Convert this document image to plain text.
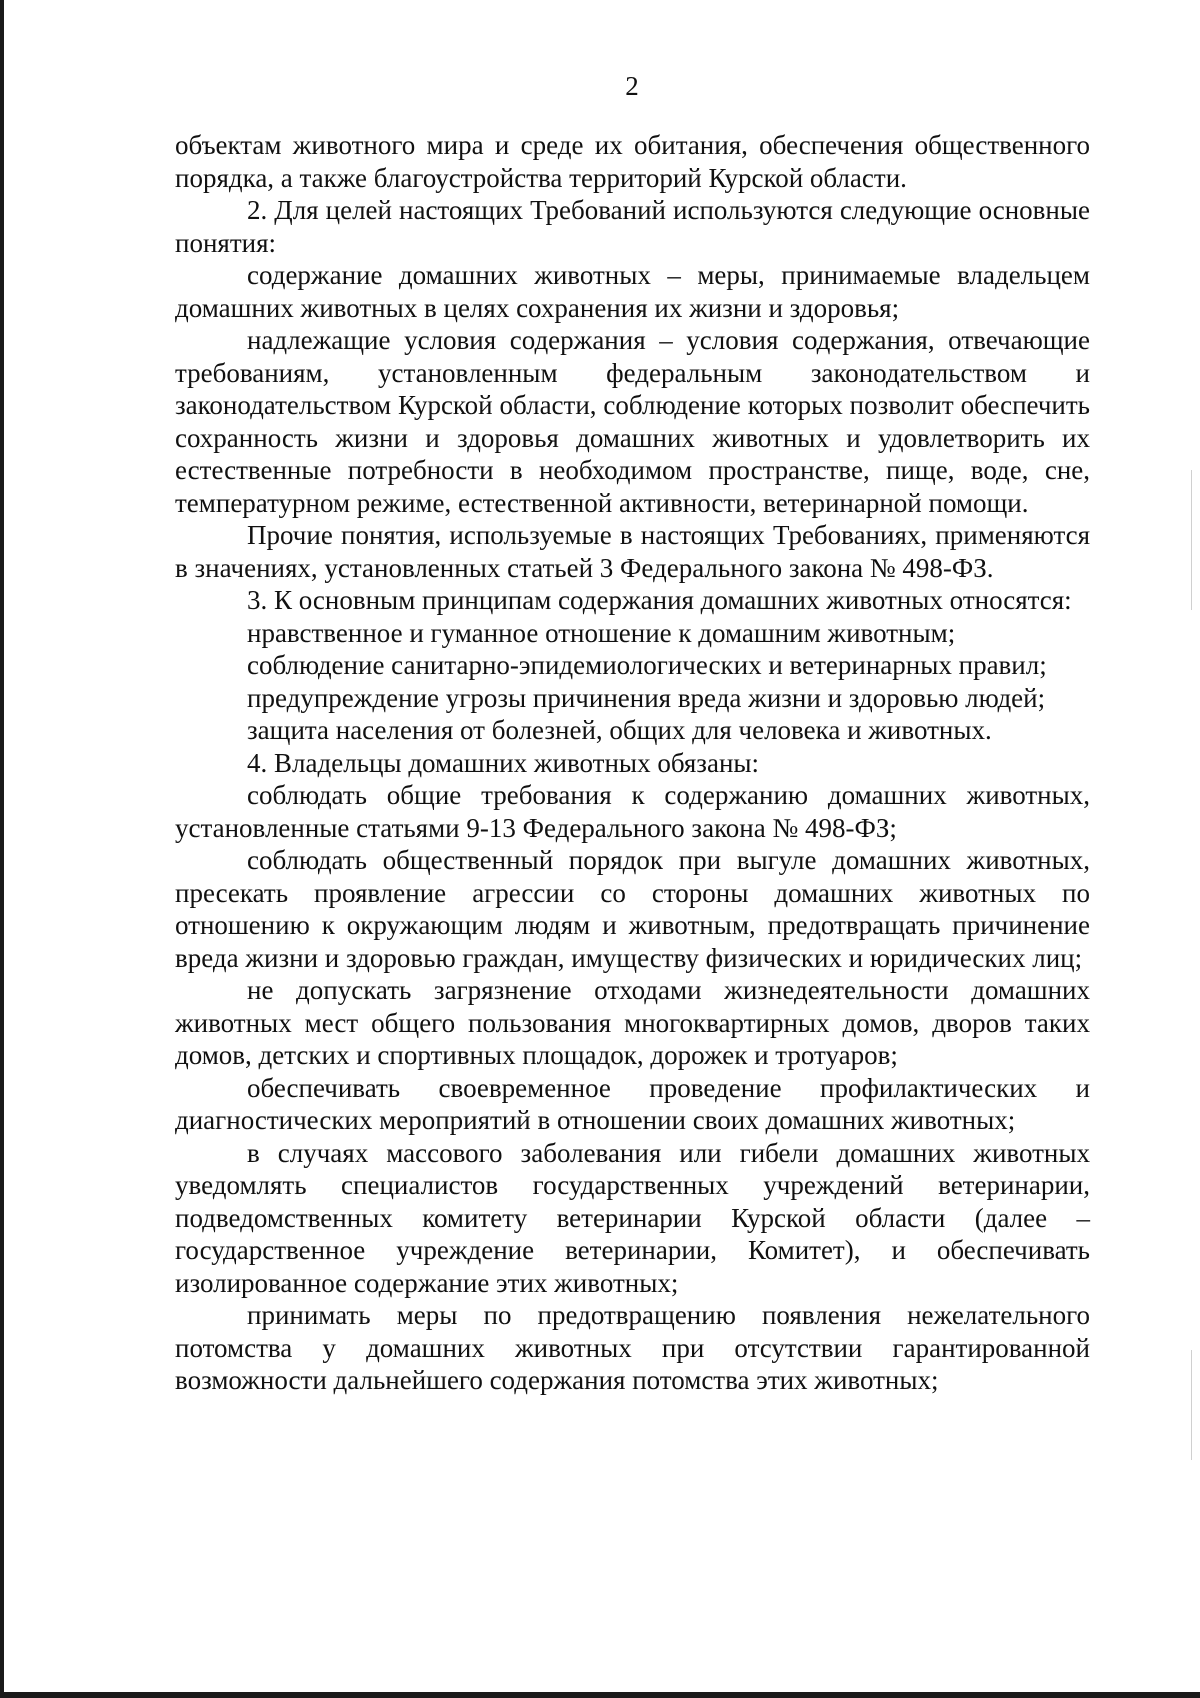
2

объектам животного мира и среде их обитания, обеспечения общественного порядка, а также благоустройства территорий Курской области.

2. Для целей настоящих Требований используются следующие основные понятия:

содержание домашних животных – меры, принимаемые владельцем домашних животных в целях сохранения их жизни и здоровья;

надлежащие условия содержания – условия содержания, отвечающие требованиям, установленным федеральным законодательством и законодательством Курской области, соблюдение которых позволит обеспечить сохранность жизни и здоровья домашних животных и удовлетворить их естественные потребности в необходимом пространстве, пище, воде, сне, температурном режиме, естественной активности, ветеринарной помощи.

Прочие понятия, используемые в настоящих Требованиях, применяются в значениях, установленных статьей 3 Федерального закона № 498-ФЗ.

3. К основным принципам содержания домашних животных относятся:

нравственное и гуманное отношение к домашним животным;

соблюдение санитарно-эпидемиологических и ветеринарных правил;

предупреждение угрозы причинения вреда жизни и здоровью людей;

защита населения от болезней, общих для человека и животных.

4. Владельцы домашних животных обязаны:

соблюдать общие требования к содержанию домашних животных, установленные статьями 9-13 Федерального закона № 498-ФЗ;

соблюдать общественный порядок при выгуле домашних животных, пресекать проявление агрессии со стороны домашних животных по отношению к окружающим людям и животным, предотвращать причинение вреда жизни и здоровью граждан, имуществу физических и юридических лиц;

не допускать загрязнение отходами жизнедеятельности домашних животных мест общего пользования многоквартирных домов, дворов таких домов, детских и спортивных площадок, дорожек и тротуаров;

обеспечивать своевременное проведение профилактических и диагностических мероприятий в отношении своих домашних животных;

в случаях массового заболевания или гибели домашних животных уведомлять специалистов государственных учреждений ветеринарии, подведомственных комитету ветеринарии Курской области (далее – государственное учреждение ветеринарии, Комитет), и обеспечивать изолированное содержание этих животных;

принимать меры по предотвращению появления нежелательного потомства у домашних животных при отсутствии гарантированной возможности дальнейшего содержания потомства этих животных;
